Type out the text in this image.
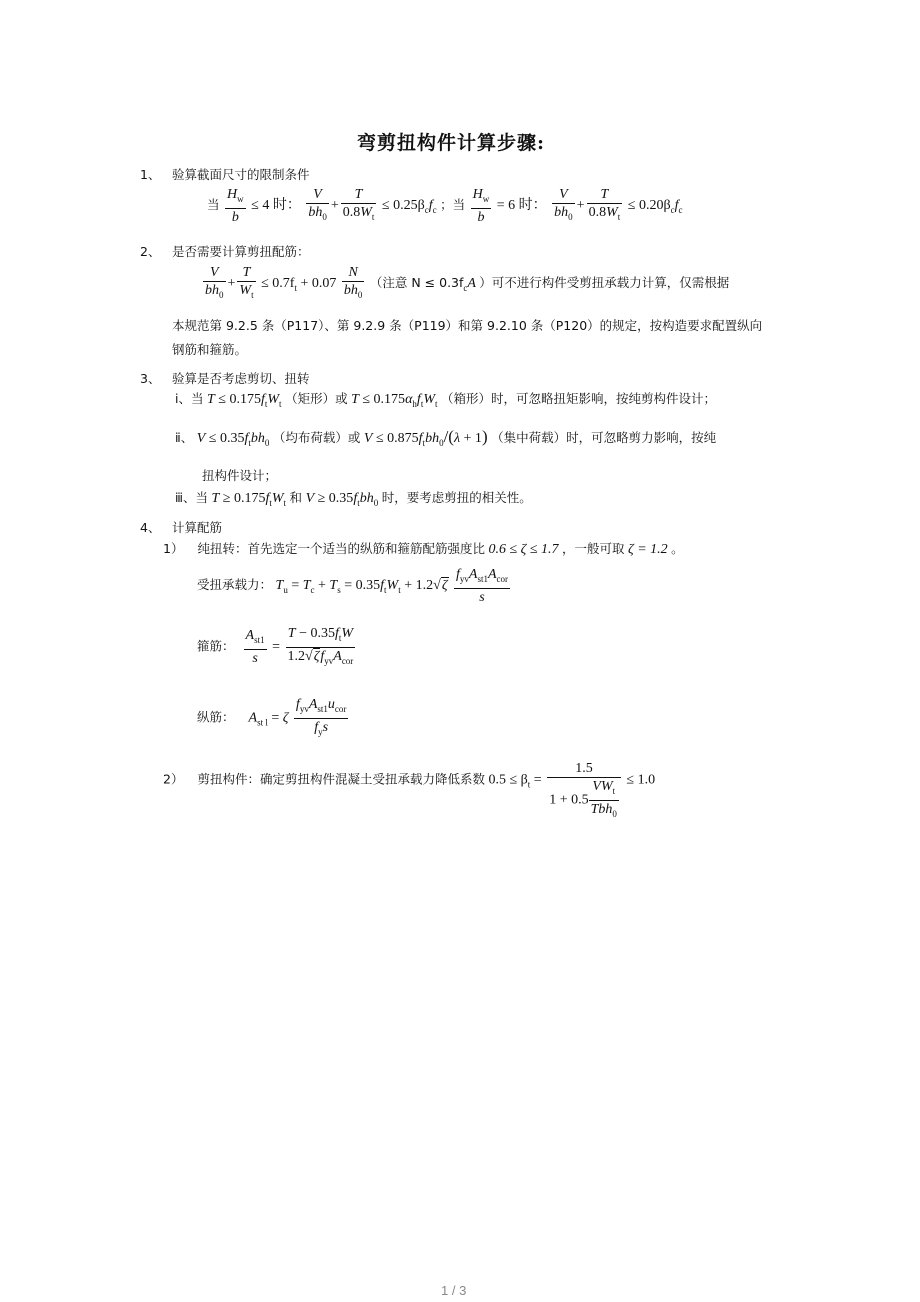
弯剪扭构件计算步骤:
1、 验算截面尺寸的限制条件
当 $\frac{H_w}{b} \le 4$ 时： $\frac{V}{bh_0} + \frac{T}{0.8W_t} \le 0.25\beta_cf_c$ ；当 $\frac{H_w}{b} = 6$ 时： $\frac{V}{bh_0} + \frac{T}{0.8W_t} \le 0.20\beta_cf_c$
2、 是否需要计算剪扭配筋：
$\frac{V}{bh_0} + \frac{T}{W_t} \le 0.7f_t + 0.07 \frac{N}{bh_0}$ （注意 $N \le 0.3f_cA$ ）可不进行构件受剪扭承载力计算，仅需根据
本规范第 9.2.5 条（P117）、第 9.2.9 条（P119）和第 9.2.10 条（P120）的规定，按构造要求配置纵向
钢筋和箍筋。
3、 验算是否考虑剪切、扭转
ⅰ、当 $T \le 0.175f_tW_t$ （矩形）或 $T \le 0.175\alpha_hf_tW_t$ （箱形）时，可忽略扭矩影响，按纯剪构件设计；
ⅱ、 $V \le 0.35f_tbh_0$ （均布荷载）或 $V \le 0.875f_tbh_0/(\lambda + 1)$ （集中荷载）时，可忽略剪力影响，按纯
扭构件设计；
ⅲ、当 $T \ge 0.175f_tW_t$ 和 $V \ge 0.35f_tbh_0$ 时，要考虑剪扭的相关性。
4、 计算配筋
1） 纯扭转：首先选定一个适当的纵筋和箍筋配筋强度比 0.6 ≤ ζ ≤ 1.7 ，一般可取 ζ = 1.2 。
受扭承载力： $T_u = T_c + T_s = 0.35f_tW_t + 1.2√\zeta \frac{f_{yv}A_{st1}A_{cor}}{s}$
箍筋： $\frac{A_{st1}}{s} = \frac{T - 0.35f_tW}{1.2√\zeta f_{yv}A_{cor}}$
纵筋：    $A_{st l} = \zeta \frac{f_{yv}A_{st1}u_{cor}}{f_ys}$
2） 剪扭构件：确定剪扭构件混凝土受扭承载力降低系数 $0.5 \le \beta_t = \frac{1.5}{1 + 0.5 \frac{VW_t}{Tbh_0}} \le 1.0$
1 / 3
